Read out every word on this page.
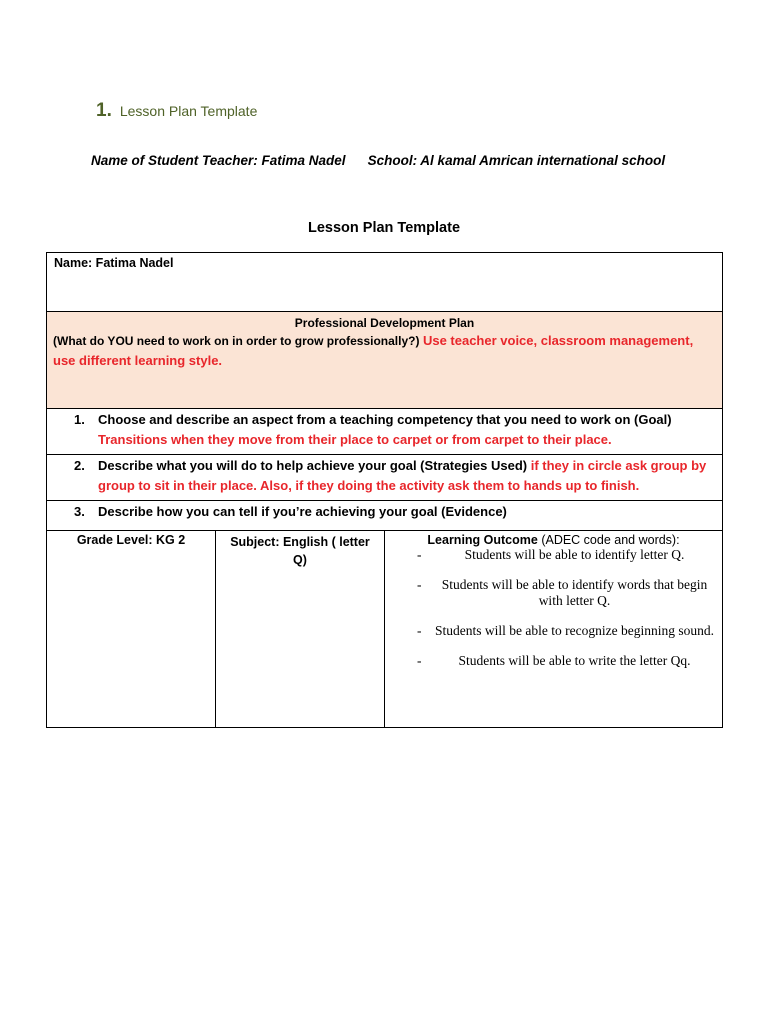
1. Lesson Plan Template
Name of Student Teacher: Fatima Nadel School: Al kamal Amrican international school
Lesson Plan Template
Name: Fatima Nadel

Professional Development Plan
(What do YOU need to work on in order to grow professionally?) Use teacher voice, classroom management, use different learning style.

1.	Choose and describe an aspect from a teaching competency that you need to work on (Goal)
Transitions when they move from their place to carpet or from carpet to their place.

2.	Describe what you will do to help achieve your goal (Strategies Used) if they in circle ask group by group to sit in their place. Also, if they doing the activity ask them to hands up to finish.

3.	Describe how you can tell if you’re achieving your goal (Evidence)

Grade Level: KG 2	Subject: English ( letter Q)

Learning Outcome (ADEC code and words):
-	Students will be able to identify letter Q.
-	Students will be able to identify words that begin with letter Q.
-	Students will be able to recognize beginning sound.
-	Students will be able to write the letter Qq.
